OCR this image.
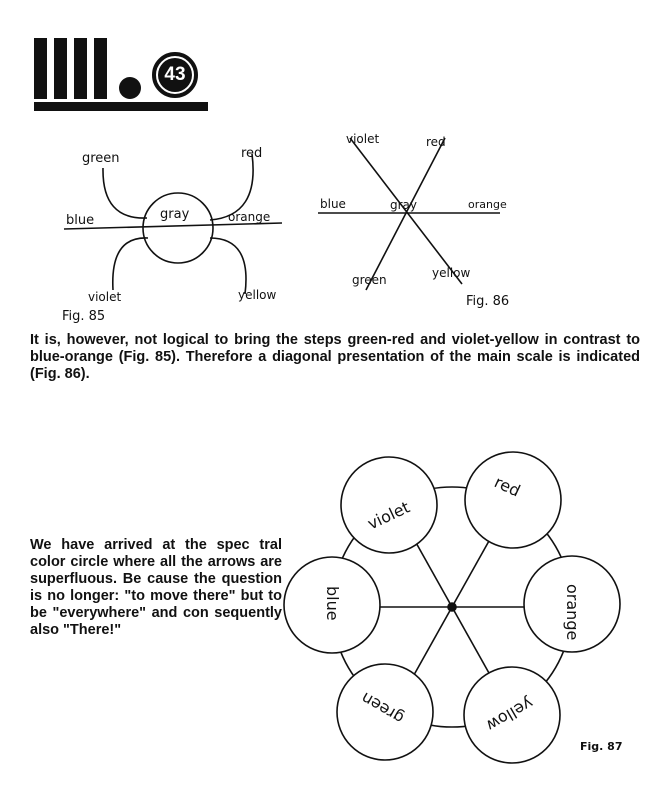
43
green	red
blue	gray	orange
violet	yellow
Fig. 85
violet	red
blue	gray	orange
green	yellow
Fig. 86

It is, however, not logical to bring the steps green-red and violet-yellow in contrast to blue-orange (Fig. 85). Therefore a diagonal presentation of the main scale is indicated (Fig. 86).

violet
red
orange
yellow
green
blue
Fig. 87

We have arrived at the spec tral color circle where all the arrows are superfluous. Be cause the question is no longer: "to move there" but to be "everywhere" and con sequently also "There!"
